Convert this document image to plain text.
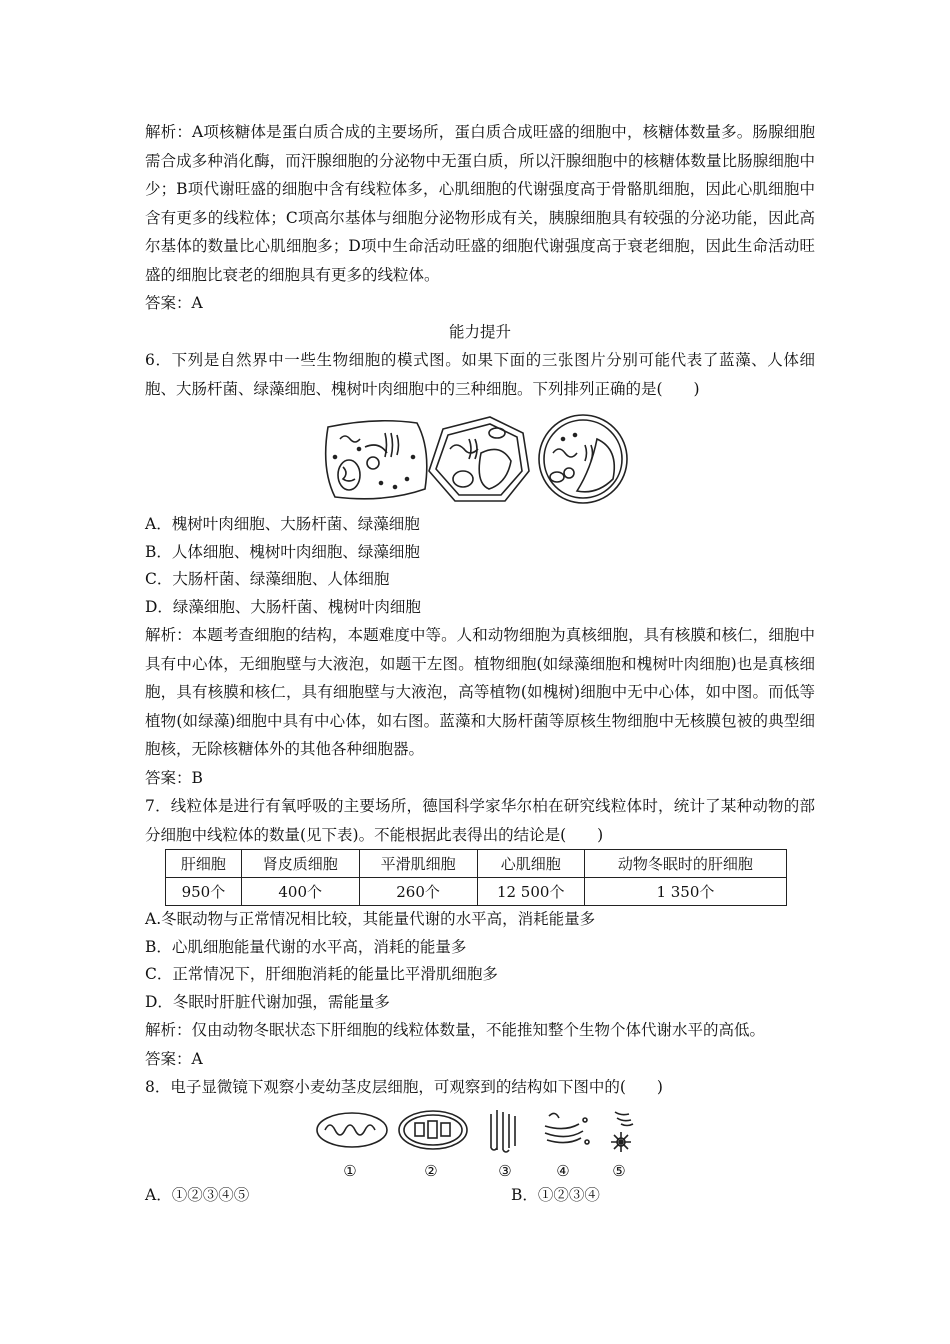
解析：A项核糖体是蛋白质合成的主要场所，蛋白质合成旺盛的细胞中，核糖体数量多。肠腺细胞需合成多种消化酶，而汗腺细胞的分泌物中无蛋白质，所以汗腺细胞中的核糖体数量比肠腺细胞中少；B项代谢旺盛的细胞中含有线粒体多，心肌细胞的代谢强度高于骨骼肌细胞，因此心肌细胞中含有更多的线粒体；C项高尔基体与细胞分泌物形成有关，胰腺细胞具有较强的分泌功能，因此高尔基体的数量比心肌细胞多；D项中生命活动旺盛的细胞代谢强度高于衰老细胞，因此生命活动旺盛的细胞比衰老的细胞具有更多的线粒体。

答案：A

能力提升

6．下列是自然界中一些生物细胞的模式图。如果下面的三张图片分别可能代表了蓝藻、人体细胞、大肠杆菌、绿藻细胞、槐树叶肉细胞中的三种细胞。下列排列正确的是(　　)

A．槐树叶肉细胞、大肠杆菌、绿藻细胞

B．人体细胞、槐树叶肉细胞、绿藻细胞

C．大肠杆菌、绿藻细胞、人体细胞

D．绿藻细胞、大肠杆菌、槐树叶肉细胞

解析：本题考查细胞的结构，本题难度中等。人和动物细胞为真核细胞，具有核膜和核仁，细胞中具有中心体，无细胞壁与大液泡，如题干左图。植物细胞(如绿藻细胞和槐树叶肉细胞)也是真核细胞，具有核膜和核仁，具有细胞壁与大液泡，高等植物(如槐树)细胞中无中心体，如中图。而低等植物(如绿藻)细胞中具有中心体，如右图。蓝藻和大肠杆菌等原核生物细胞中无核膜包被的典型细胞核，无除核糖体外的其他各种细胞器。

答案：B

7．线粒体是进行有氧呼吸的主要场所，德国科学家华尔柏在研究线粒体时，统计了某种动物的部分细胞中线粒体的数量(见下表)。不能根据此表得出的结论是(　　)

肝细胞	肾皮质细胞	平滑肌细胞	心肌细胞	动物冬眠时的肝细胞
950个	400个	260个	12 500个	1 350个

A.冬眠动物与正常情况相比较，其能量代谢的水平高，消耗能量多

B．心肌细胞能量代谢的水平高，消耗的能量多

C．正常情况下，肝细胞消耗的能量比平滑肌细胞多

D．冬眠时肝脏代谢加强，需能量多

解析：仅由动物冬眠状态下肝细胞的线粒体数量，不能推知整个生物个体代谢水平的高低。

答案：A

8．电子显微镜下观察小麦幼茎皮层细胞，可观察到的结构如下图中的(　　)

①	②	③	④	⑤
A．①②③④⑤	B．①②③④
